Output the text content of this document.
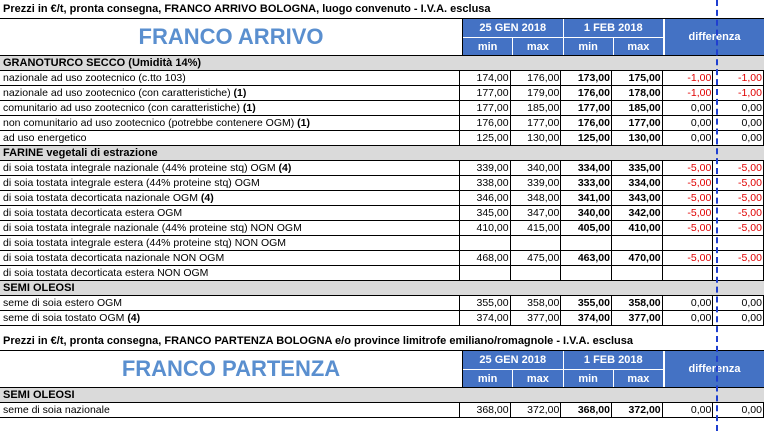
Prezzi in €/t, pronta consegna, FRANCO ARRIVO BOLOGNA, luogo convenuto - I.V.A. esclusa
FRANCO ARRIVO	25 GEN 2018	1 FEB 2018
min	max	min	max
differenza
GRANOTURCO SECCO (Umidità 14%)
nazionale ad uso zootecnico (c.tto 103)	174,00	176,00	173,00	175,00	-1,00	-1,00
nazionale ad uso zootecnico (con caratteristiche) (1)	177,00	179,00	176,00	178,00	-1,00	-1,00
comunitario ad uso zootecnico (con caratteristiche) (1)	177,00	185,00	177,00	185,00	0,00	0,00
non comunitario ad uso zootecnico (potrebbe contenere OGM) (1)	176,00	177,00	176,00	177,00	0,00	0,00
ad uso energetico	125,00	130,00	125,00	130,00	0,00	0,00
FARINE vegetali di estrazione
di soia tostata integrale nazionale (44% proteine stq) OGM (4)	339,00	340,00	334,00	335,00	-5,00	-5,00
di soia tostata integrale estera (44% proteine stq) OGM	338,00	339,00	333,00	334,00	-5,00	-5,00
di soia tostata decorticata nazionale OGM (4)	346,00	348,00	341,00	343,00	-5,00	-5,00
di soia tostata decorticata estera OGM	345,00	347,00	340,00	342,00	-5,00	-5,00
di soia tostata integrale nazionale (44% proteine stq) NON OGM	410,00	415,00	405,00	410,00	-5,00	-5,00
di soia tostata integrale estera (44% proteine stq) NON OGM
di soia tostata decorticata nazionale NON OGM	468,00	475,00	463,00	470,00	-5,00	-5,00
di soia tostata decorticata estera NON OGM
SEMI OLEOSI
seme di soia estero OGM	355,00	358,00	355,00	358,00	0,00	0,00
seme di soia tostato OGM (4)	374,00	377,00	374,00	377,00	0,00	0,00
Prezzi in €/t, pronta consegna, FRANCO PARTENZA BOLOGNA e/o province limitrofe emiliano/romagnole - I.V.A. esclusa
FRANCO PARTENZA	25 GEN 2018	1 FEB 2018
min	max	min	max
differenza
SEMI OLEOSI
seme di soia nazionale	368,00	372,00	368,00	372,00	0,00	0,00
